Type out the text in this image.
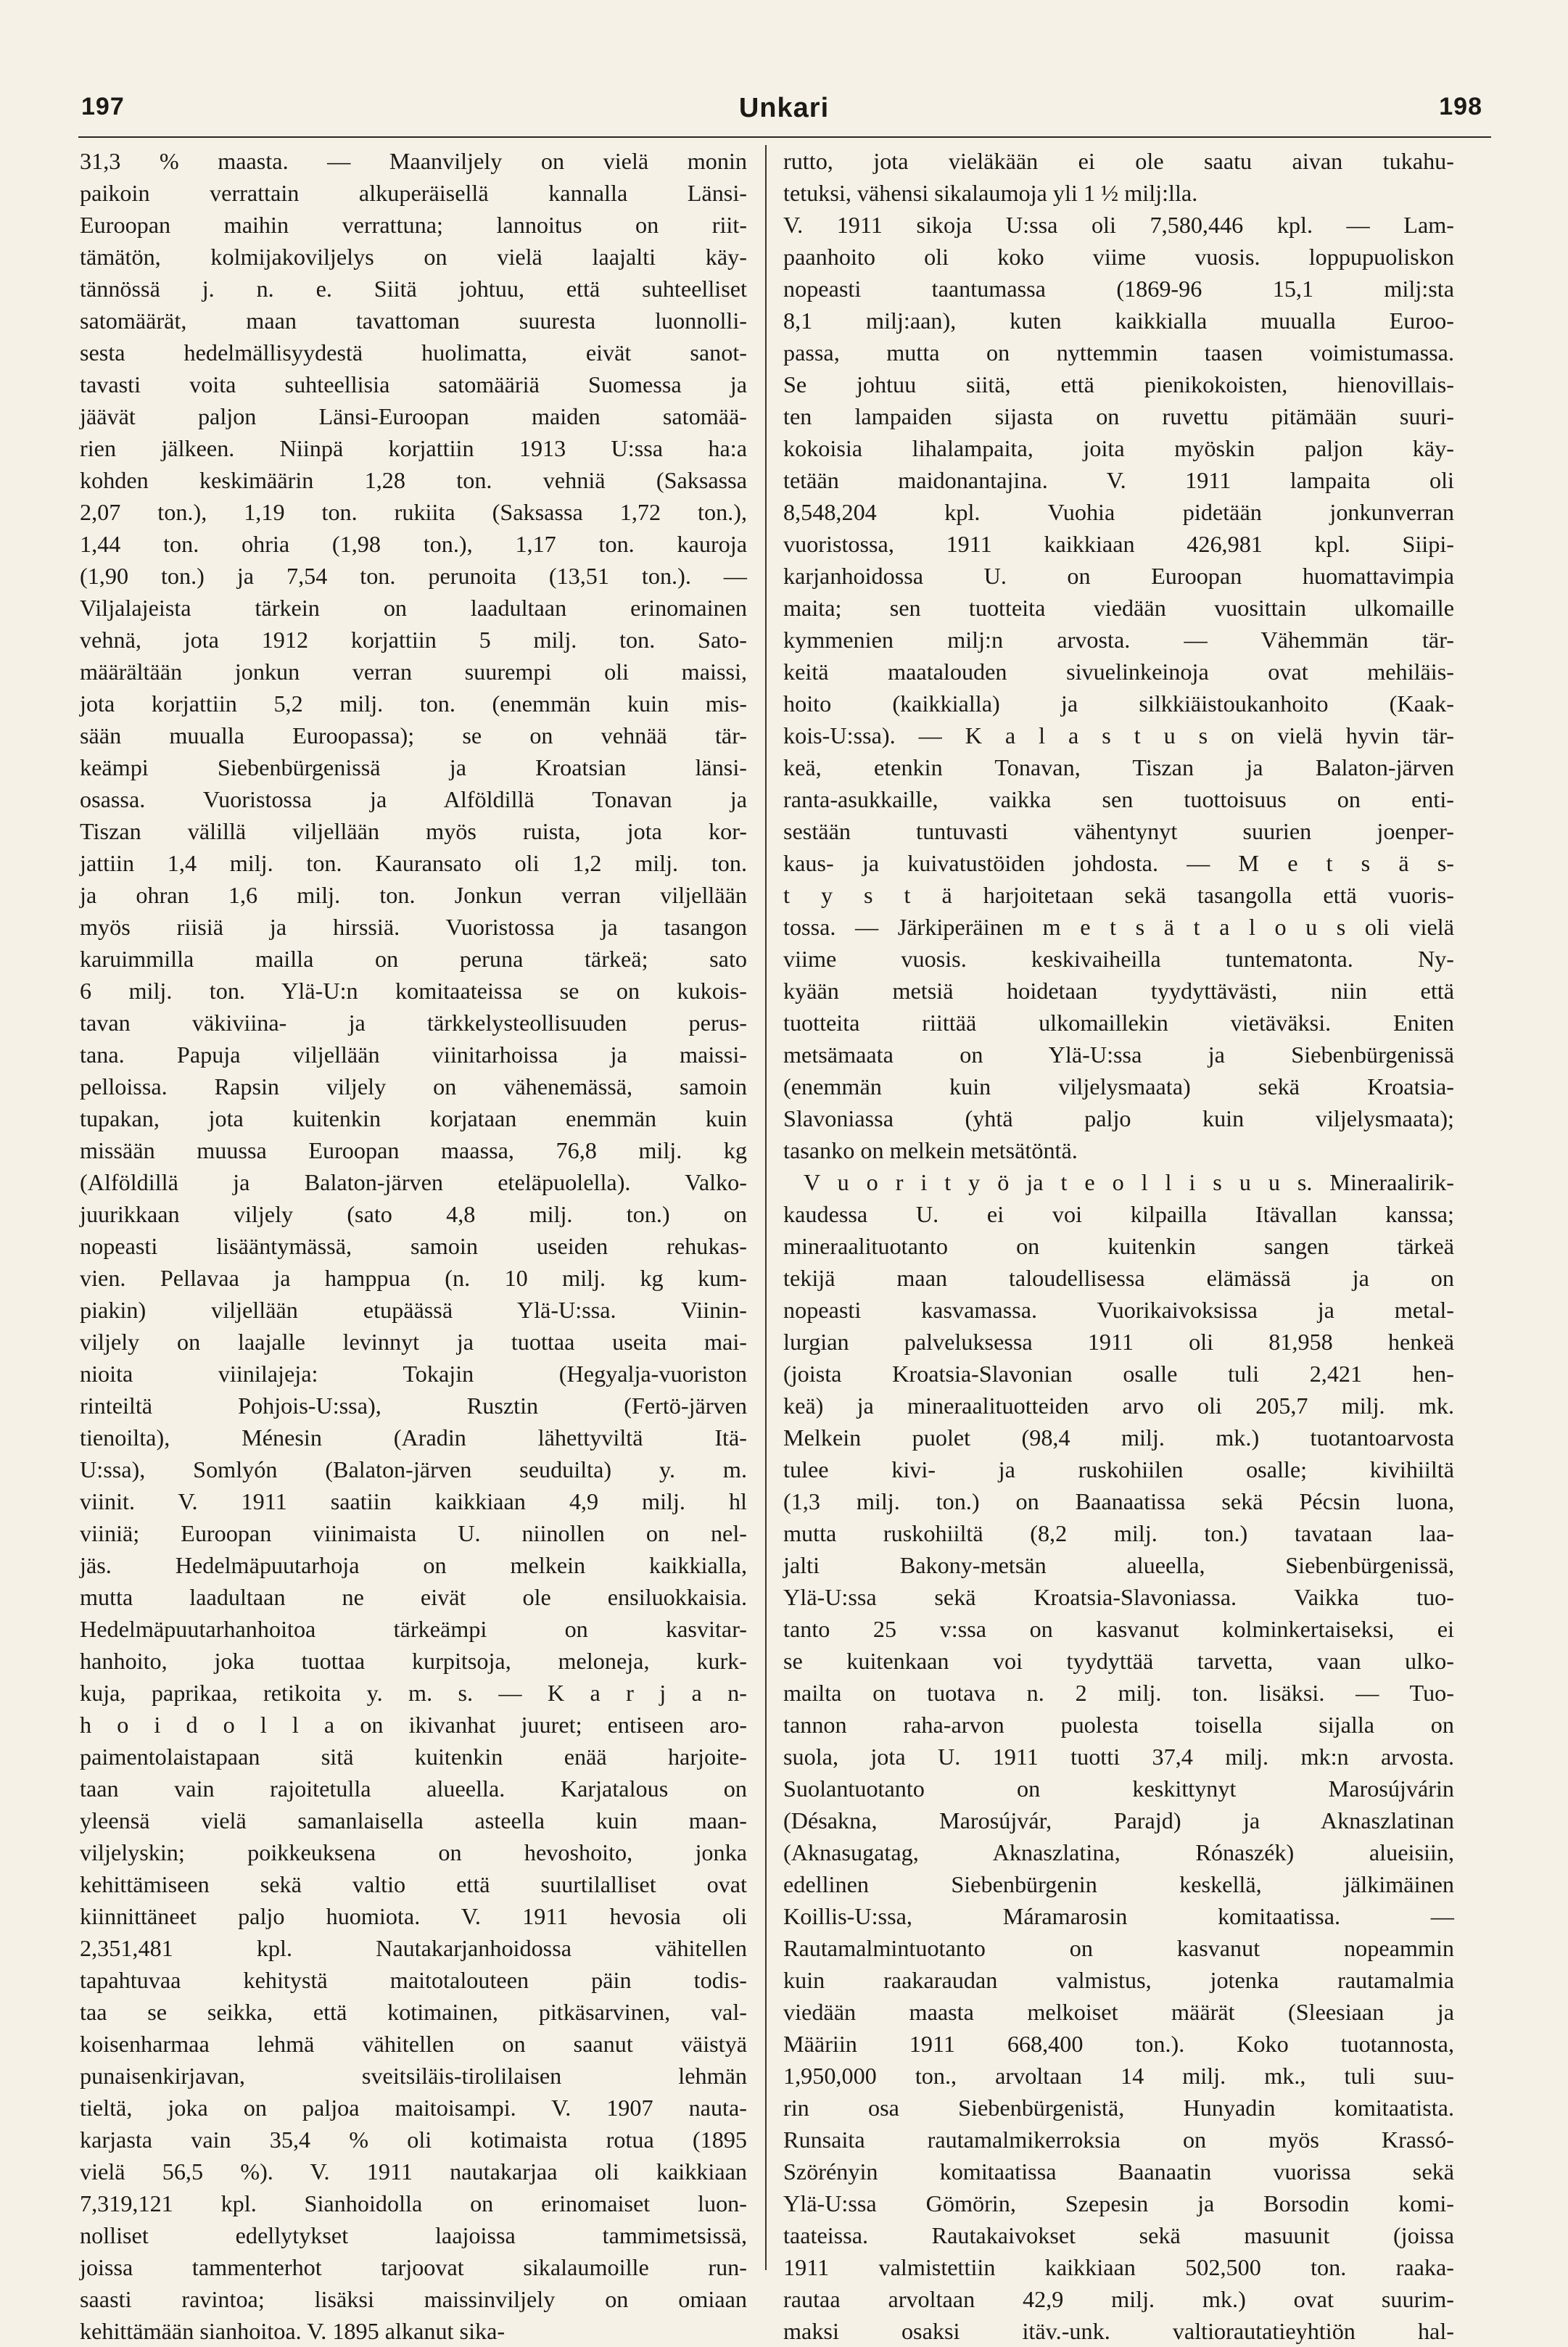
197	Unkari	198
31,3 % maasta. — Maanviljely on vielä monin
paikoin verrattain alkuperäisellä kannalla Länsi-
Euroopan maihin verrattuna; lannoitus on riit-
tämätön, kolmijakoviljelys on vielä laajalti käy-
tännössä j. n. e. Siitä johtuu, että suhteelliset
satomäärät, maan tavattoman suuresta luonnolli-
sesta hedelmällisyydestä huolimatta, eivät sanot-
tavasti voita suhteellisia satomääriä Suomessa ja
jäävät paljon Länsi-Euroopan maiden satomää-
rien jälkeen. Niinpä korjattiin 1913 U:ssa ha:a
kohden keskimäärin 1,28 ton. vehniä (Saksassa
2,07 ton.), 1,19 ton. rukiita (Saksassa 1,72 ton.),
1,44 ton. ohria (1,98 ton.), 1,17 ton. kauroja
(1,90 ton.) ja 7,54 ton. perunoita (13,51 ton.). —
Viljalajeista tärkein on laadultaan erinomainen
vehnä, jota 1912 korjattiin 5 milj. ton. Sato-
määrältään jonkun verran suurempi oli maissi,
jota korjattiin 5,2 milj. ton. (enemmän kuin mis-
sään muualla Euroopassa); se on vehnää tär-
keämpi Siebenbürgenissä ja Kroatsian länsi-
osassa. Vuoristossa ja Alföldillä Tonavan ja
Tiszan välillä viljellään myös ruista, jota kor-
jattiin 1,4 milj. ton. Kauransato oli 1,2 milj. ton.
ja ohran 1,6 milj. ton. Jonkun verran viljellään
myös riisiä ja hirssiä. Vuoristossa ja tasangon
karuimmilla mailla on peruna tärkeä; sato
6 milj. ton. Ylä-U:n komitaateissa se on kukois-
tavan väkiviina- ja tärkkelysteollisuuden perus-
tana. Papuja viljellään viinitarhoissa ja maissi-
pelloissa. Rapsin viljely on vähenemässä, samoin
tupakan, jota kuitenkin korjataan enemmän kuin
missään muussa Euroopan maassa, 76,8 milj. kg
(Alföldillä ja Balaton-järven eteläpuolella). Valko-
juurikkaan viljely (sato 4,8 milj. ton.) on
nopeasti lisääntymässä, samoin useiden rehukas-
vien. Pellavaa ja hamppua (n. 10 milj. kg kum-
piakin) viljellään etupäässä Ylä-U:ssa. Viinin-
viljely on laajalle levinnyt ja tuottaa useita mai-
nioita viinilajeja: Tokajin (Hegyalja-vuoriston
rinteiltä Pohjois-U:ssa), Rusztin (Fertö-järven
tienoilta), Ménesin (Aradin lähettyviltä Itä-
U:ssa), Somlyón (Balaton-järven seuduilta) y. m.
viinit. V. 1911 saatiin kaikkiaan 4,9 milj. hl
viiniä; Euroopan viinimaista U. niinollen on nel-
jäs. Hedelmäpuutarhoja on melkein kaikkialla,
mutta laadultaan ne eivät ole ensiluokkaisia.
Hedelmäpuutarhanhoitoa tärkeämpi on kasvitar-
hanhoito, joka tuottaa kurpitsoja, meloneja, kurk-
kuja, paprikaa, retikoita y. m. s. — K a r j a n-
h o i d o l l a on ikivanhat juuret; entiseen aro-
paimentolaistapaan sitä kuitenkin enää harjoite-
taan vain rajoitetulla alueella. Karjatalous on
yleensä vielä samanlaisella asteella kuin maan-
viljelyskin; poikkeuksena on hevoshoito, jonka
kehittämiseen sekä valtio että suurtilalliset ovat
kiinnittäneet paljo huomiota. V. 1911 hevosia oli
2,351,481 kpl. Nautakarjanhoidossa vähitellen
tapahtuvaa kehitystä maitotalouteen päin todis-
taa se seikka, että kotimainen, pitkäsarvinen, val-
koisenharmaa lehmä vähitellen on saanut väistyä
punaisenkirjavan, sveitsiläis-tirolilaisen lehmän
tieltä, joka on paljoa maitoisampi. V. 1907 nauta-
karjasta vain 35,4 % oli kotimaista rotua (1895
vielä 56,5 %). V. 1911 nautakarjaa oli kaikkiaan
7,319,121 kpl. Sianhoidolla on erinomaiset luon-
nolliset edellytykset laajoissa tammimetsissä,
joissa tammenterhot tarjoovat sikalaumoille run-
saasti ravintoa; lisäksi maissinviljely on omiaan
kehittämään sianhoitoa. V. 1895 alkanut sika-
rutto, jota vieläkään ei ole saatu aivan tukahu-
tetuksi, vähensi sikalaumoja yli 1 ½ milj:lla.
V. 1911 sikoja U:ssa oli 7,580,446 kpl. — Lam-
paanhoito oli koko viime vuosis. loppupuoliskon
nopeasti taantumassa (1869-96 15,1 milj:sta
8,1 milj:aan), kuten kaikkialla muualla Euroo-
passa, mutta on nyttemmin taasen voimistumassa.
Se johtuu siitä, että pienikokoisten, hienovillais-
ten lampaiden sijasta on ruvettu pitämään suuri-
kokoisia lihalampaita, joita myöskin paljon käy-
tetään maidonantajina. V. 1911 lampaita oli
8,548,204 kpl. Vuohia pidetään jonkunverran
vuoristossa, 1911 kaikkiaan 426,981 kpl. Siipi-
karjanhoidossa U. on Euroopan huomattavimpia
maita; sen tuotteita viedään vuosittain ulkomaille
kymmenien milj:n arvosta. — Vähemmän tär-
keitä maatalouden sivuelinkeinoja ovat mehiläis-
hoito (kaikkialla) ja silkkiäistoukanhoito (Kaak-
kois-U:ssa). — K a l a s t u s on vielä hyvin tär-
keä, etenkin Tonavan, Tiszan ja Balaton-järven
ranta-asukkaille, vaikka sen tuottoisuus on enti-
sestään tuntuvasti vähentynyt suurien joenper-
kaus- ja kuivatustöiden johdosta. — M e t s ä s-
t y s t ä harjoitetaan sekä tasangolla että vuoris-
tossa. — Järkiperäinen m e t s ä t a l o u s oli vielä
viime vuosis. keskivaiheilla tuntematonta. Ny-
kyään metsiä hoidetaan tyydyttävästi, niin että
tuotteita riittää ulkomaillekin vietäväksi. Eniten
metsämaata on Ylä-U:ssa ja Siebenbürgenissä
(enemmän kuin viljelysmaata) sekä Kroatsia-
Slavoniassa (yhtä paljo kuin viljelysmaata);
tasanko on melkein metsätöntä.
V u o r i t y ö ja t e o l l i s u u s. Mineraalirik-
kaudessa U. ei voi kilpailla Itävallan kanssa;
mineraalituotanto on kuitenkin sangen tärkeä
tekijä maan taloudellisessa elämässä ja on
nopeasti kasvamassa. Vuorikaivoksissa ja metal-
lurgian palveluksessa 1911 oli 81,958 henkeä
(joista Kroatsia-Slavonian osalle tuli 2,421 hen-
keä) ja mineraalituotteiden arvo oli 205,7 milj. mk.
Melkein puolet (98,4 milj. mk.) tuotantoarvosta
tulee kivi- ja ruskohiilen osalle; kivihiiltä
(1,3 milj. ton.) on Baanaatissa sekä Pécsin luona,
mutta ruskohiiltä (8,2 milj. ton.) tavataan laa-
jalti Bakony-metsän alueella, Siebenbürgenissä,
Ylä-U:ssa sekä Kroatsia-Slavoniassa. Vaikka tuo-
tanto 25 v:ssa on kasvanut kolminkertaiseksi, ei
se kuitenkaan voi tyydyttää tarvetta, vaan ulko-
mailta on tuotava n. 2 milj. ton. lisäksi. — Tuo-
tannon raha-arvon puolesta toisella sijalla on
suola, jota U. 1911 tuotti 37,4 milj. mk:n arvosta.
Suolantuotanto on keskittynyt Marosújvárin
(Désakna, Marosújvár, Parajd) ja Aknaszlatinan
(Aknasugatag, Aknaszlatina, Rónaszék) alueisiin,
edellinen Siebenbürgenin keskellä, jälkimäinen
Koillis-U:ssa, Máramarosin komitaatissa. —
Rautamalmintuotanto on kasvanut nopeammin
kuin raakaraudan valmistus, jotenka rautamalmia
viedään maasta melkoiset määrät (Sleesiaan ja
Määriin 1911 668,400 ton.). Koko tuotannosta,
1,950,000 ton., arvoltaan 14 milj. mk., tuli suu-
rin osa Siebenbürgenistä, Hunyadin komitaatista.
Runsaita rautamalmikerroksia on myös Krassó-
Szörényin komitaatissa Baanaatin vuorissa sekä
Ylä-U:ssa Gömörin, Szepesin ja Borsodin komi-
taateissa. Rautakaivokset sekä masuunit (joissa
1911 valmistettiin kaikkiaan 502,500 ton. raaka-
rautaa arvoltaan 42,9 milj. mk.) ovat suurim-
maksi osaksi itäv.-unk. valtiorautatieyhtiön hal-
